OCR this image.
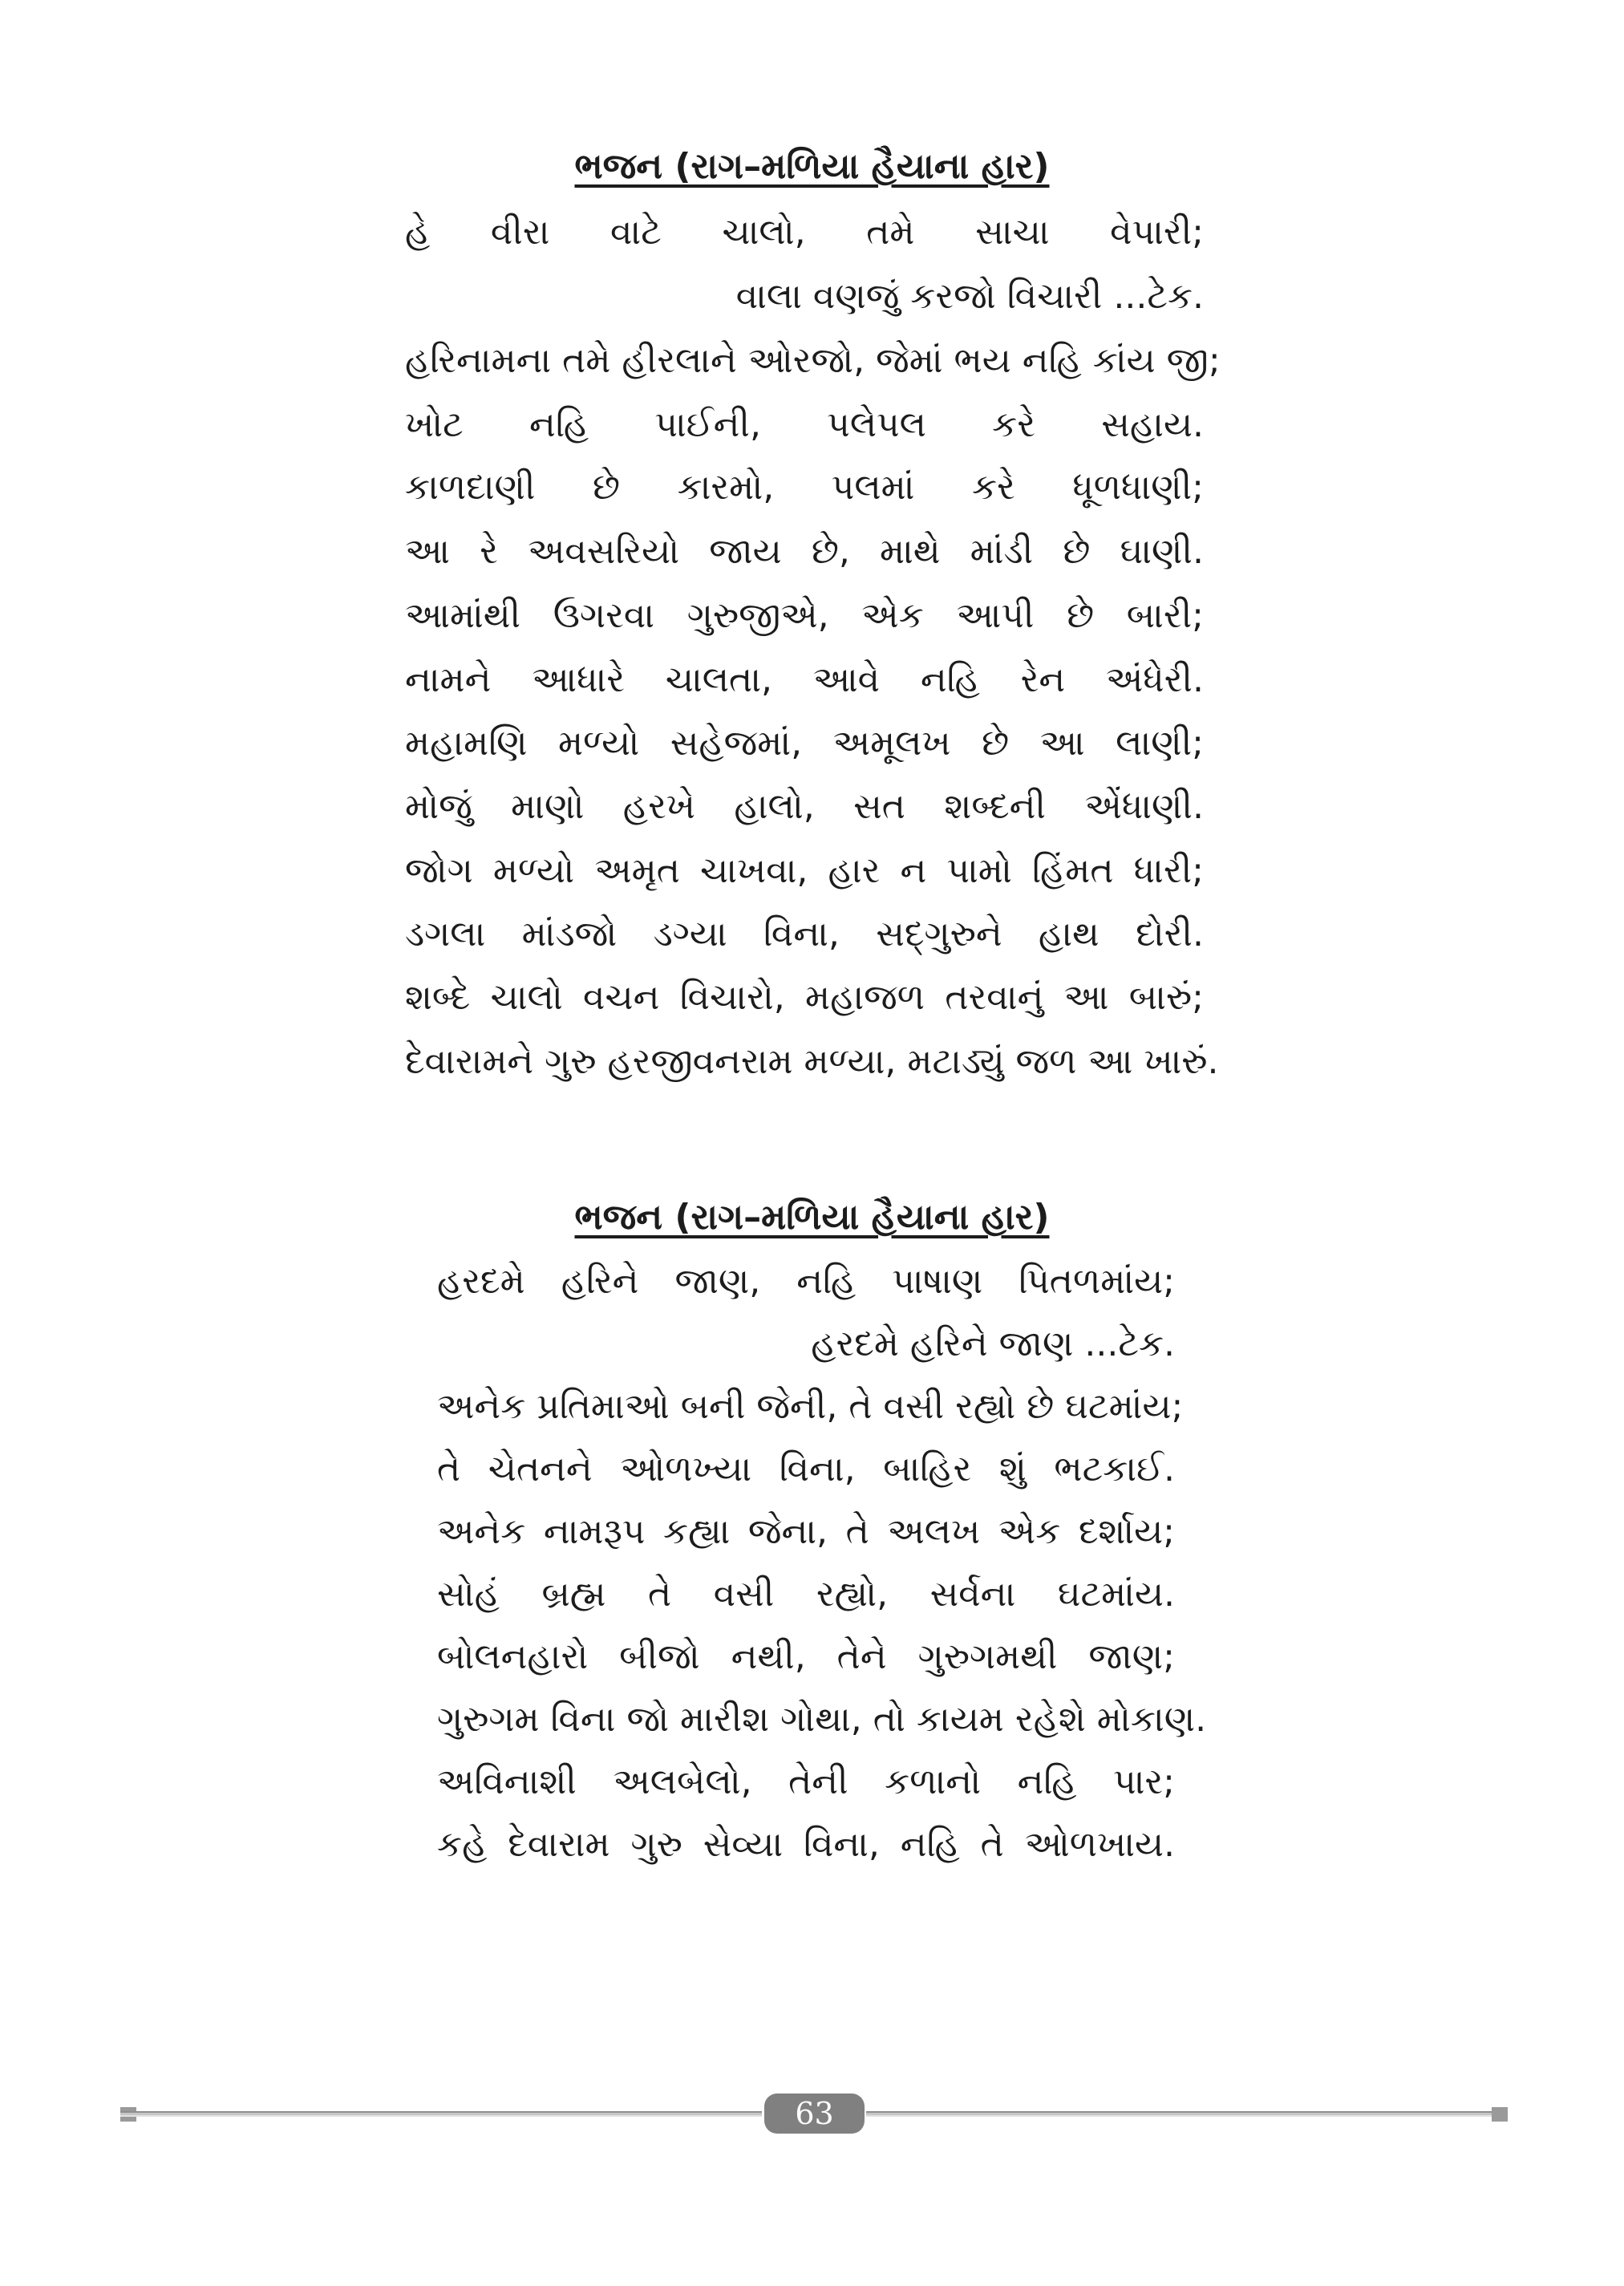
ભજન (રાગ–મળિયા હૈયાના હાર)
હે વીરા વાટે ચાલો, તમે સાચા વેપારી;
વાલા વણજું કરજો વિચારી ...ટેક.
હરિનામના તમે હીરલાને ઓરજો, જેમાં ભય નહિ કાંય જી;
ખોટ નહિ પાઈની, પલેપલ કરે સહાય.
કાળદાણી છે કારમો, પલમાં કરે ધૂળધાણી;
આ રે અવસરિયો જાય છે, માથે માંડી છે ઘાણી.
આમાંથી ઉગરવા ગુરુજીએ, એક આપી છે બારી;
નામને આધારે ચાલતા, આવે નહિ રેન અંધેરી.
મહામણિ મળ્યો સહેજમાં, અમૂલખ છે આ લાણી;
મોજું માણો હરખે હાલો, સત શબ્દની એંધાણી.
જોગ મળ્યો અમૃત ચાખવા, હાર ન પામો હિંમત ધારી;
ડગલા માંડજો ડગ્યા વિના, સદ્‌ગુરુને હાથ દોરી.
શબ્દે ચાલો વચન વિચારો, મહાજળ તરવાનું આ બારું;
દેવારામને ગુરુ હરજીવનરામ મળ્યા, મટાડ્યું જળ આ ખારું.
ભજન (રાગ–મળિયા હૈયાના હાર)
હરદમે હરિને જાણ, નહિ પાષાણ પિતળમાંય;
હરદમે હરિને જાણ ...ટેક.
અનેક પ્રતિમાઓ બની જેની, તે વસી રહ્યો છે ઘટમાંય;
તે ચેતનને ઓળખ્યા વિના, બાહિર શું ભટકાઈ.
અનેક નામરૂપ કહ્યા જેના, તે અલખ એક દર્શાય;
સોહં બ્રહ્મ તે વસી રહ્યો, સર્વના ઘટમાંય.
બોલનહારો બીજો નથી, તેને ગુરુગમથી જાણ;
ગુરુગમ વિના જો મારીશ ગોથા, તો કાયમ રહેશે મોકાણ.
અવિનાશી અલબેલો, તેની કળાનો નહિ પાર;
કહે દેવારામ ગુરુ સેવ્યા વિના, નહિ તે ઓળખાય.
63
